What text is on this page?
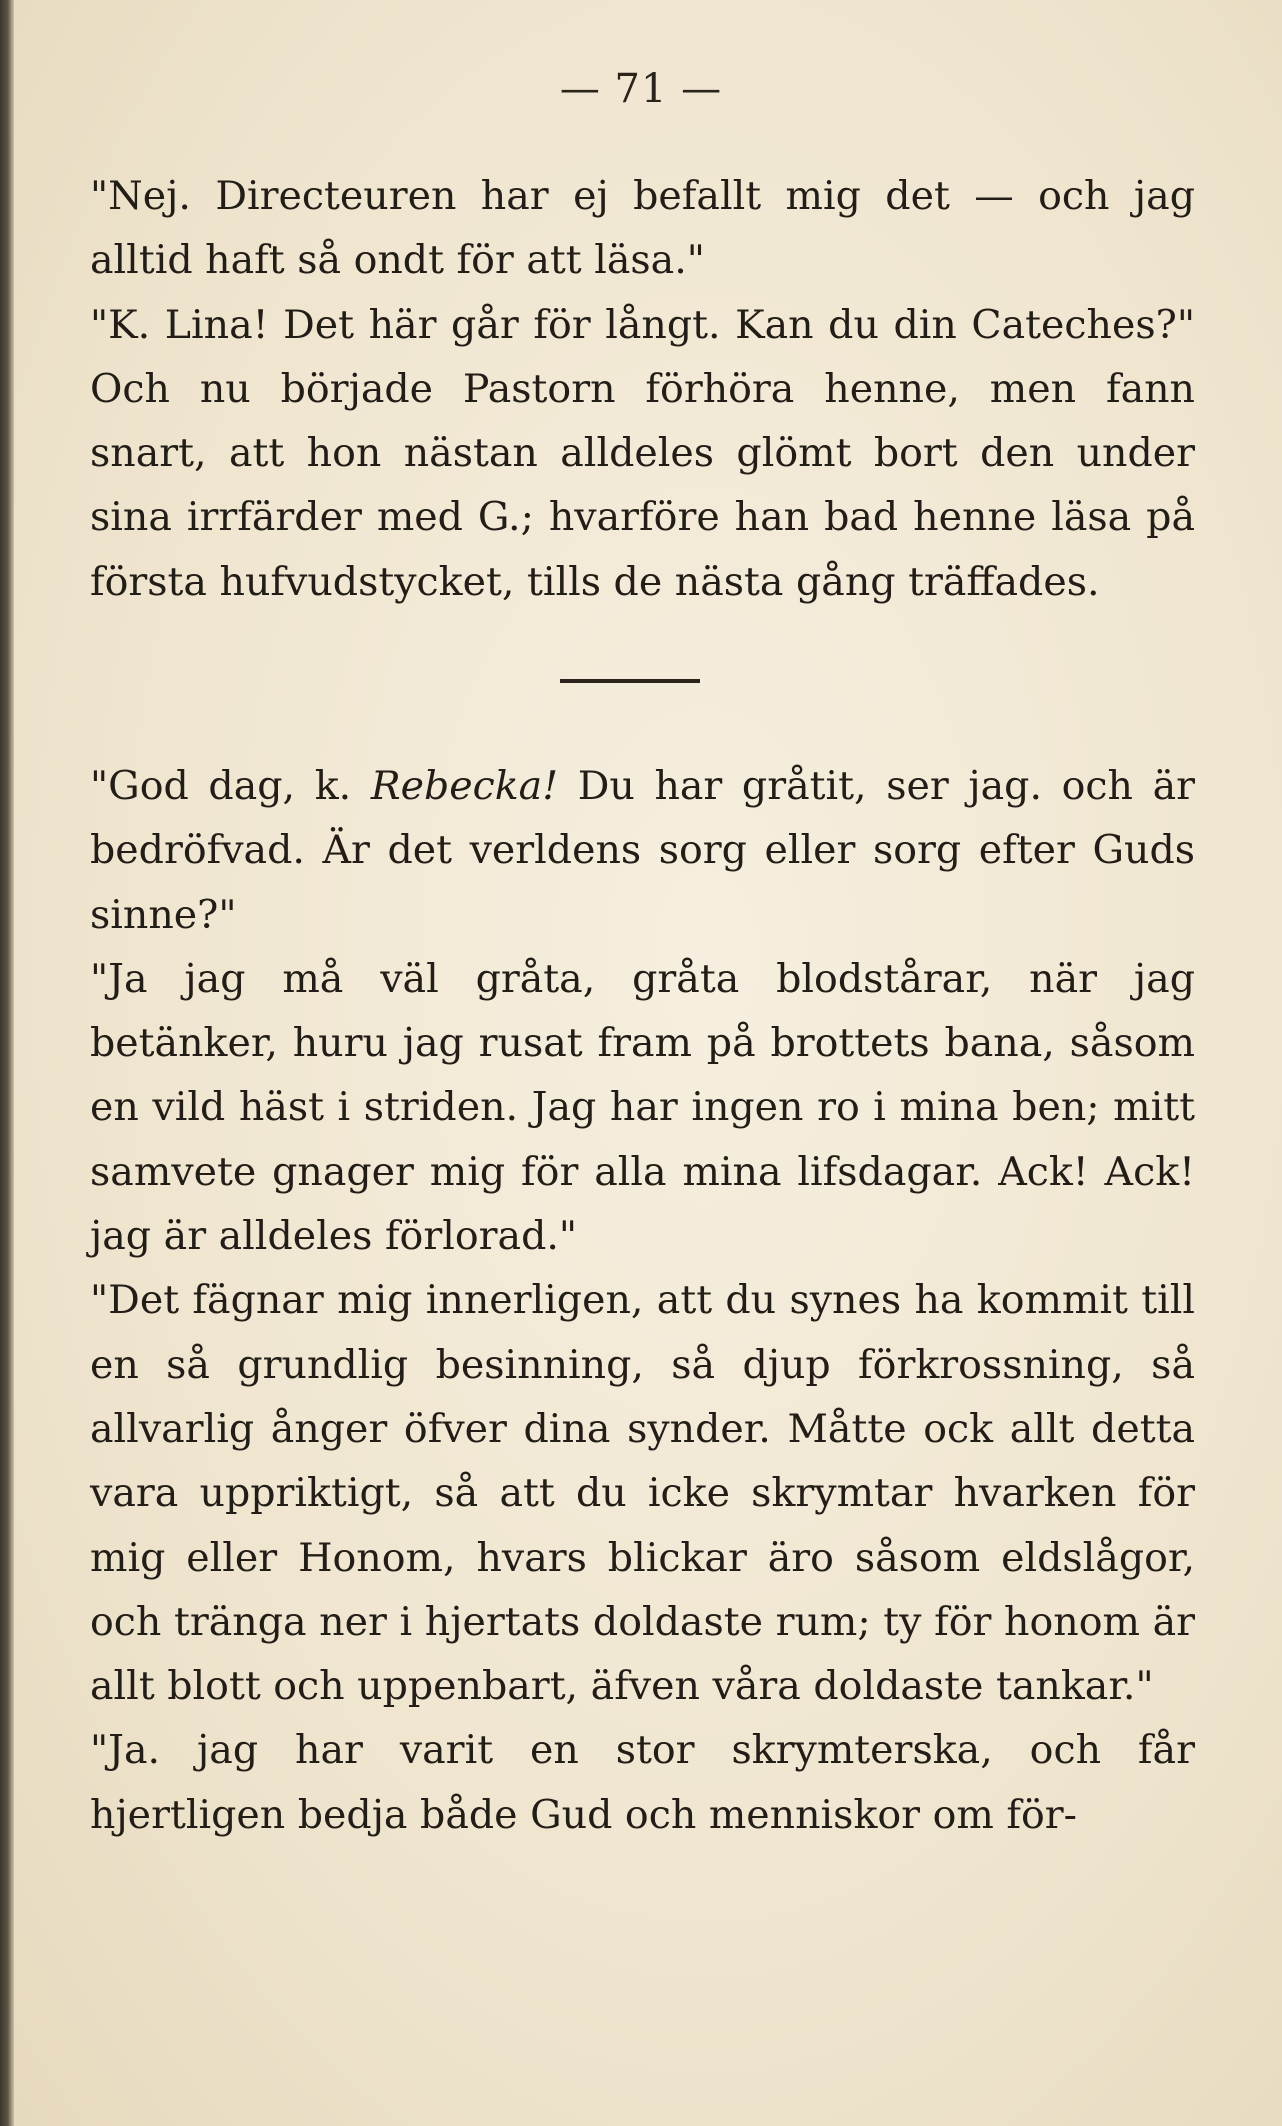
— 71 —

"Nej. Directeuren har ej befallt mig det — och jag alltid haft så ondt för att läsa."

"K. Lina! Det här går för långt. Kan du din Cateches?" Och nu började Pastorn förhöra henne, men fann snart, att hon nästan alldeles glömt bort den under sina irrfärder med G.; hvarföre han bad henne läsa på första hufvudstycket, tills de nästa gång träffades.

"God dag, k. Rebecka! Du har gråtit, ser jag. och är bedröfvad. Är det verldens sorg eller sorg efter Guds sinne?"

"Ja jag må väl gråta, gråta blodstårar, när jag betänker, huru jag rusat fram på brottets bana, såsom en vild häst i striden. Jag har ingen ro i mina ben; mitt samvete gnager mig för alla mina lifsdagar. Ack! Ack! jag är alldeles förlorad."

"Det fägnar mig innerligen, att du synes ha kommit till en så grundlig besinning, så djup förkrossning, så allvarlig ånger öfver dina synder. Måtte ock allt detta vara uppriktigt, så att du icke skrymtar hvarken för mig eller Honom, hvars blickar äro såsom eldslågor, och tränga ner i hjertats doldaste rum; ty för honom är allt blott och uppenbart, äfven våra doldaste tankar."

"Ja. jag har varit en stor skrymterska, och får hjertligen bedja både Gud och menniskor om för-
